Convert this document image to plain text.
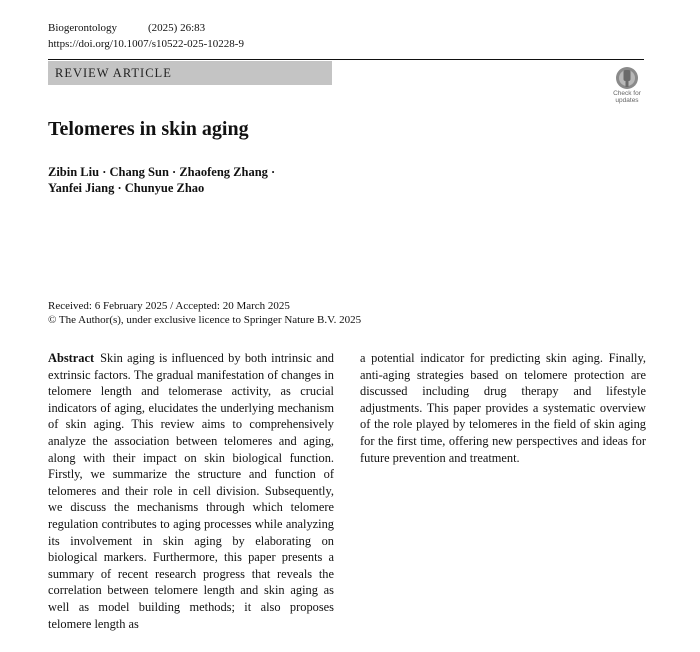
Biogerontology	(2025) 26:83
https://doi.org/10.1007/s10522-025-10228-9
REVIEW ARTICLE
Check for
updates
Telomeres in skin aging
Zibin Liu · Chang Sun · Zhaofeng Zhang ·
Yanfei Jiang · Chunyue Zhao
Received: 6 February 2025 / Accepted: 20 March 2025
© The Author(s), under exclusive licence to Springer Nature B.V. 2025

Abstract Skin aging is influenced by both intrinsic and extrinsic factors. The gradual manifestation of changes in telomere length and telomerase activity, as crucial indicators of aging, elucidates the underlying mechanism of skin aging. This review aims to comprehensively analyze the association between telomeres and aging, along with their impact on skin biological function. Firstly, we summarize the structure and function of telomeres and their role in cell division. Subsequently, we discuss the mechanisms through which telomere regulation contributes to aging processes while analyzing its involvement in skin aging by elaborating on biological markers. Furthermore, this paper presents a summary of recent research progress that reveals the correlation between telomere length and skin aging as well as model building methods; it also proposes telomere length as

a potential indicator for predicting skin aging. Finally, anti-aging strategies based on telomere protection are discussed including drug therapy and lifestyle adjustments. This paper provides a systematic overview of the role played by telomeres in the field of skin aging for the first time, offering new perspectives and ideas for future prevention and treatment.
